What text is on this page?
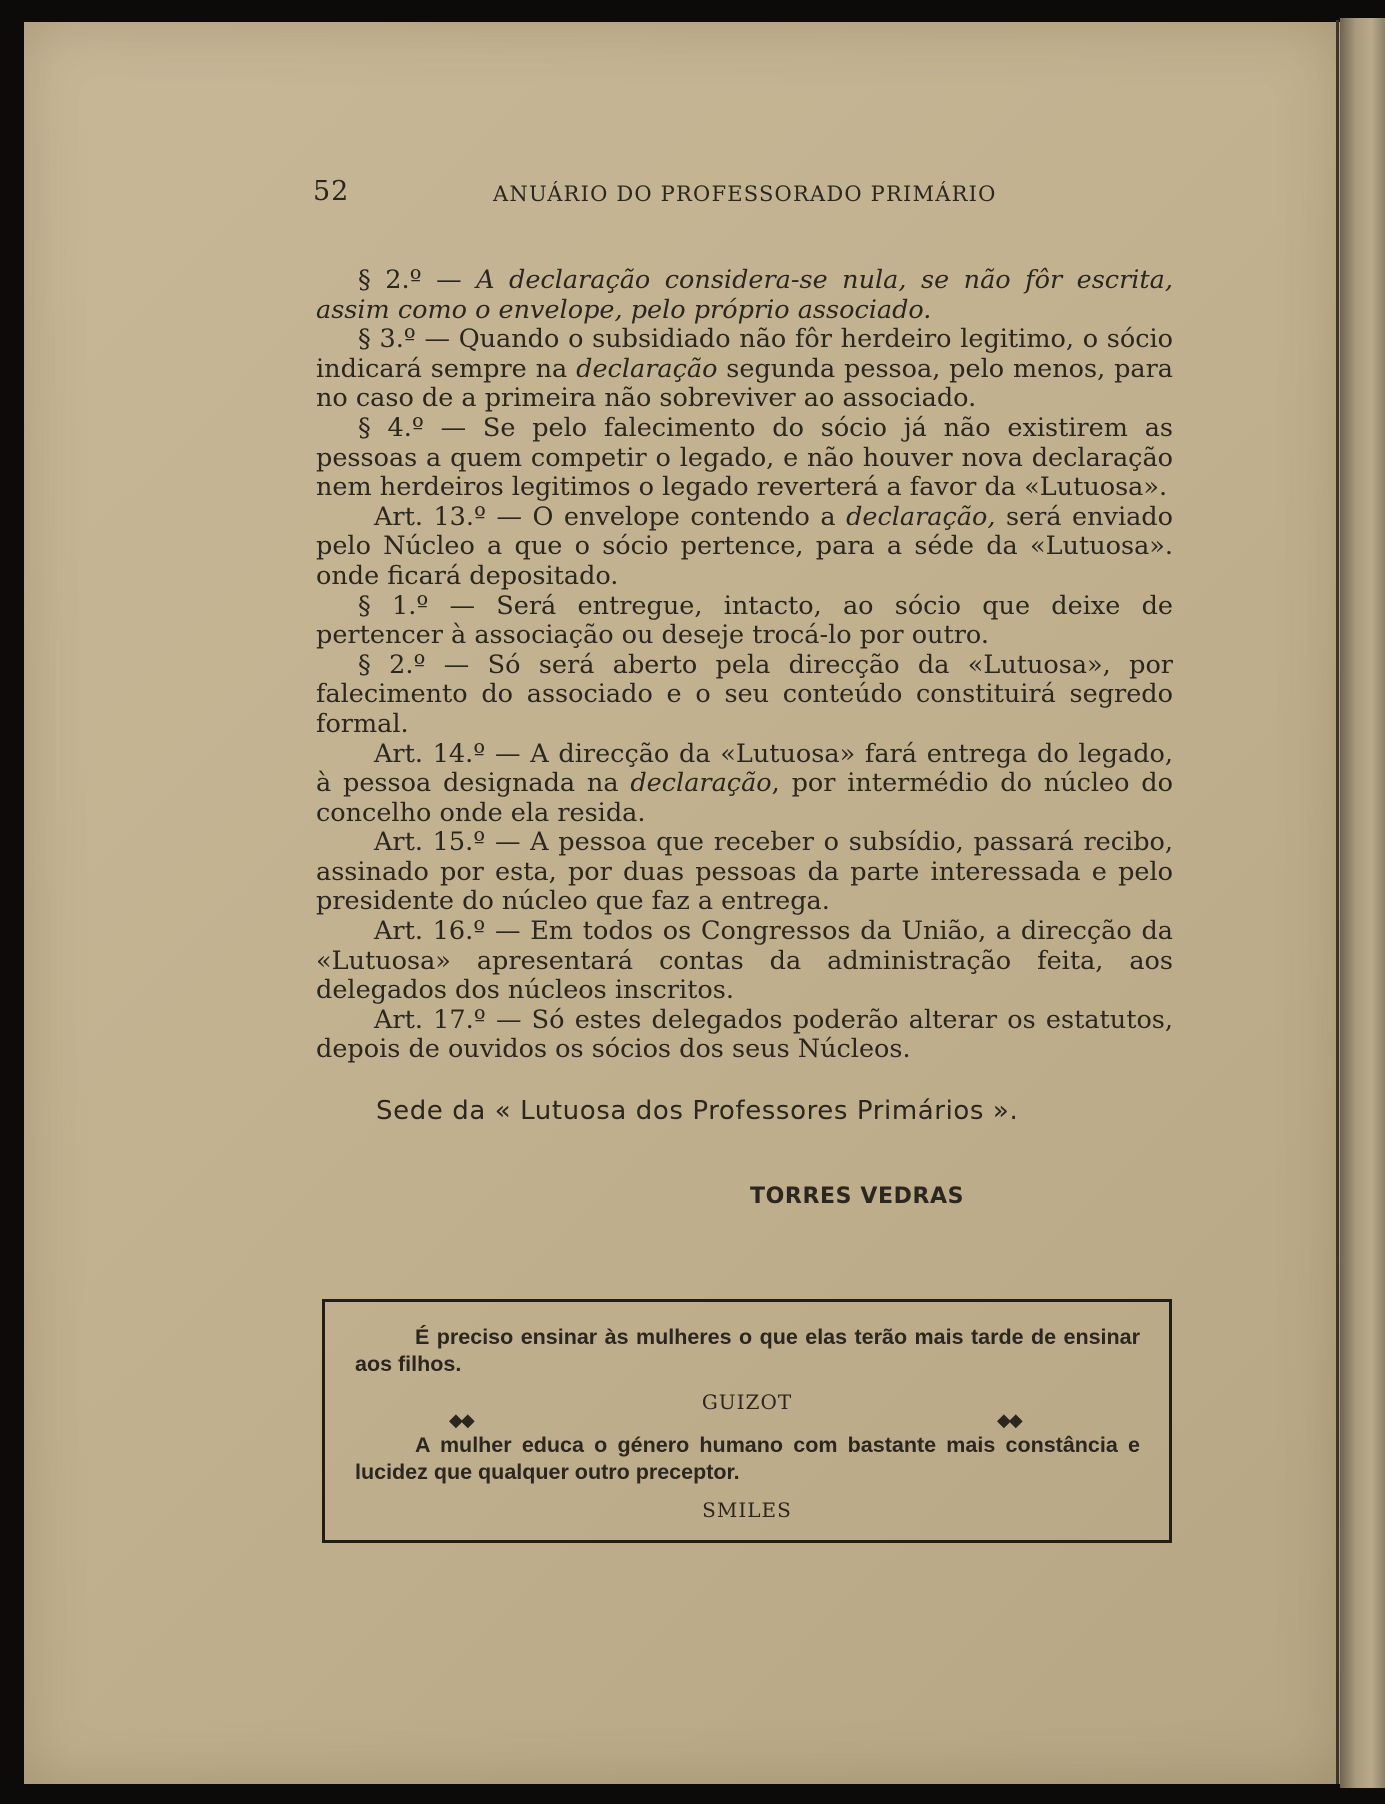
52	ANUÁRIO DO PROFESSORADO PRIMÁRIO

§ 2.º — A declaração considera-se nula, se não fôr escrita, assim como o envelope, pelo próprio associado.

§ 3.º — Quando o subsidiado não fôr herdeiro legitimo, o sócio indicará sempre na declaração segunda pessoa, pelo menos, para no caso de a primeira não sobreviver ao associado.

§ 4.º — Se pelo falecimento do sócio já não existirem as pessoas a quem competir o legado, e não houver nova declaração nem herdeiros legitimos o legado reverterá a favor da «Lutuosa».

Art. 13.º — O envelope contendo a declaração, será enviado pelo Núcleo a que o sócio pertence, para a séde da «Lutuosa». onde ficará depositado.

§ 1.º — Será entregue, intacto, ao sócio que deixe de pertencer à associação ou deseje trocá-lo por outro.

§ 2.º — Só será aberto pela direcção da «Lutuosa», por falecimento do associado e o seu conteúdo constituirá segredo formal.

Art. 14.º — A direcção da «Lutuosa» fará entrega do legado, à pessoa designada na declaração, por intermédio do núcleo do concelho onde ela resida.

Art. 15.º — A pessoa que receber o subsídio, passará recibo, assinado por esta, por duas pessoas da parte interessada e pelo presidente do núcleo que faz a entrega.

Art. 16.º — Em todos os Congressos da União, a direcção da «Lutuosa» apresentará contas da administração feita, aos delegados dos núcleos inscritos.

Art. 17.º — Só estes delegados poderão alterar os estatutos, depois de ouvidos os sócios dos seus Núcleos.

Sede da « Lutuosa dos Professores Primários ».
TORRES VEDRAS
É preciso ensinar às mulheres o que elas terão mais tarde de ensinar aos filhos.
GUIZOT
◆◆	◆◆
A mulher educa o género humano com bastante mais constância e lucidez que qualquer outro preceptor.
SMILES
